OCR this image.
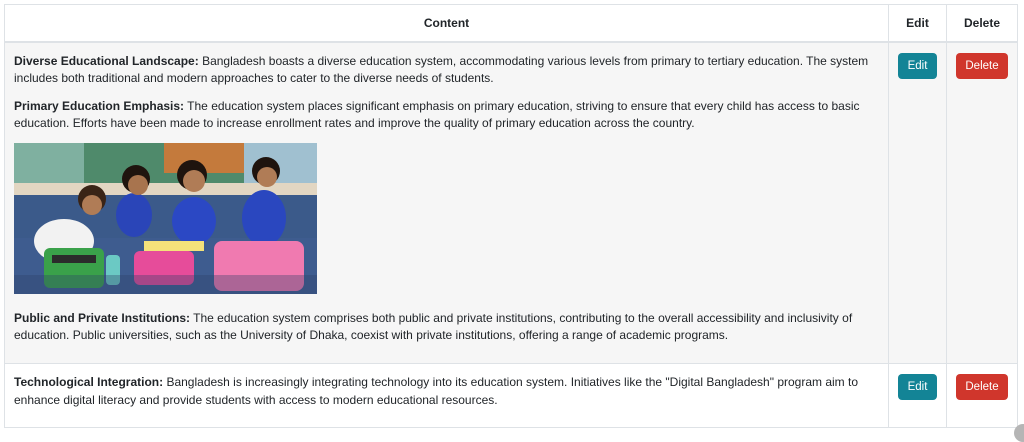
Content	Edit	Delete

Diverse Educational Landscape: Bangladesh boasts a diverse education system, accommodating various levels from primary to tertiary education. The system includes both traditional and modern approaches to cater to the diverse needs of students.

Primary Education Emphasis: The education system places significant emphasis on primary education, striving to ensure that every child has access to basic education. Efforts have been made to increase enrollment rates and improve the quality of primary education across the country.

Public and Private Institutions: The education system comprises both public and private institutions, contributing to the overall accessibility and inclusivity of education. Public universities, such as the University of Dhaka, coexist with private institutions, offering a range of academic programs.	Edit	Delete

Technological Integration: Bangladesh is increasingly integrating technology into its education system. Initiatives like the "Digital Bangladesh" program aim to enhance digital literacy and provide students with access to modern educational resources.	Edit	Delete
